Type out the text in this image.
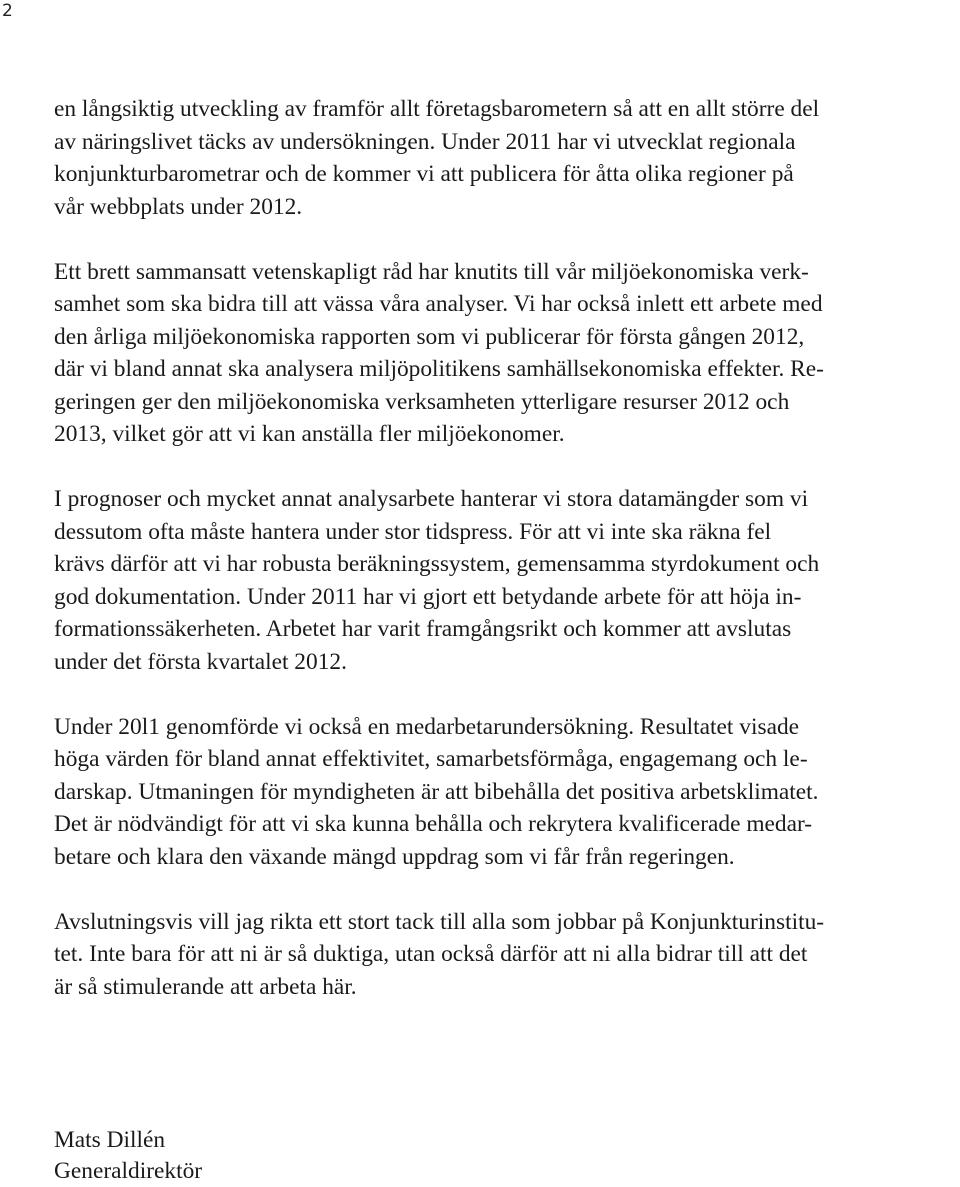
2

en långsiktig utveckling av framför allt företagsbarometern så att en allt större del
av näringslivet täcks av undersökningen. Under 2011 har vi utvecklat regionala
konjunkturbarometrar och de kommer vi att publicera för åtta olika regioner på
vår webbplats under 2012.

Ett brett sammansatt vetenskapligt råd har knutits till vår miljöekonomiska verk-
samhet som ska bidra till att vässa våra analyser. Vi har också inlett ett arbete med
den årliga miljöekonomiska rapporten som vi publicerar för första gången 2012,
där vi bland annat ska analysera miljöpolitikens samhällsekonomiska effekter. Re-
geringen ger den miljöekonomiska verksamheten ytterligare resurser 2012 och
2013, vilket gör att vi kan anställa fler miljöekonomer.

I prognoser och mycket annat analysarbete hanterar vi stora datamängder som vi
dessutom ofta måste hantera under stor tidspress. För att vi inte ska räkna fel
krävs därför att vi har robusta beräkningssystem, gemensamma styrdokument och
god dokumentation. Under 2011 har vi gjort ett betydande arbete för att höja in-
formationssäkerheten. Arbetet har varit framgångsrikt och kommer att avslutas
under det första kvartalet 2012.

Under 20l1 genomförde vi också en medarbetarundersökning. Resultatet visade
höga värden för bland annat effektivitet, samarbetsförmåga, engagemang och le-
darskap. Utmaningen för myndigheten är att bibehålla det positiva arbetsklimatet.
Det är nödvändigt för att vi ska kunna behålla och rekrytera kvalificerade medar-
betare och klara den växande mängd uppdrag som vi får från regeringen.

Avslutningsvis vill jag rikta ett stort tack till alla som jobbar på Konjunkturinstitu-
tet. Inte bara för att ni är så duktiga, utan också därför att ni alla bidrar till att det
är så stimulerande att arbeta här.

Mats Dillén
Generaldirektör
